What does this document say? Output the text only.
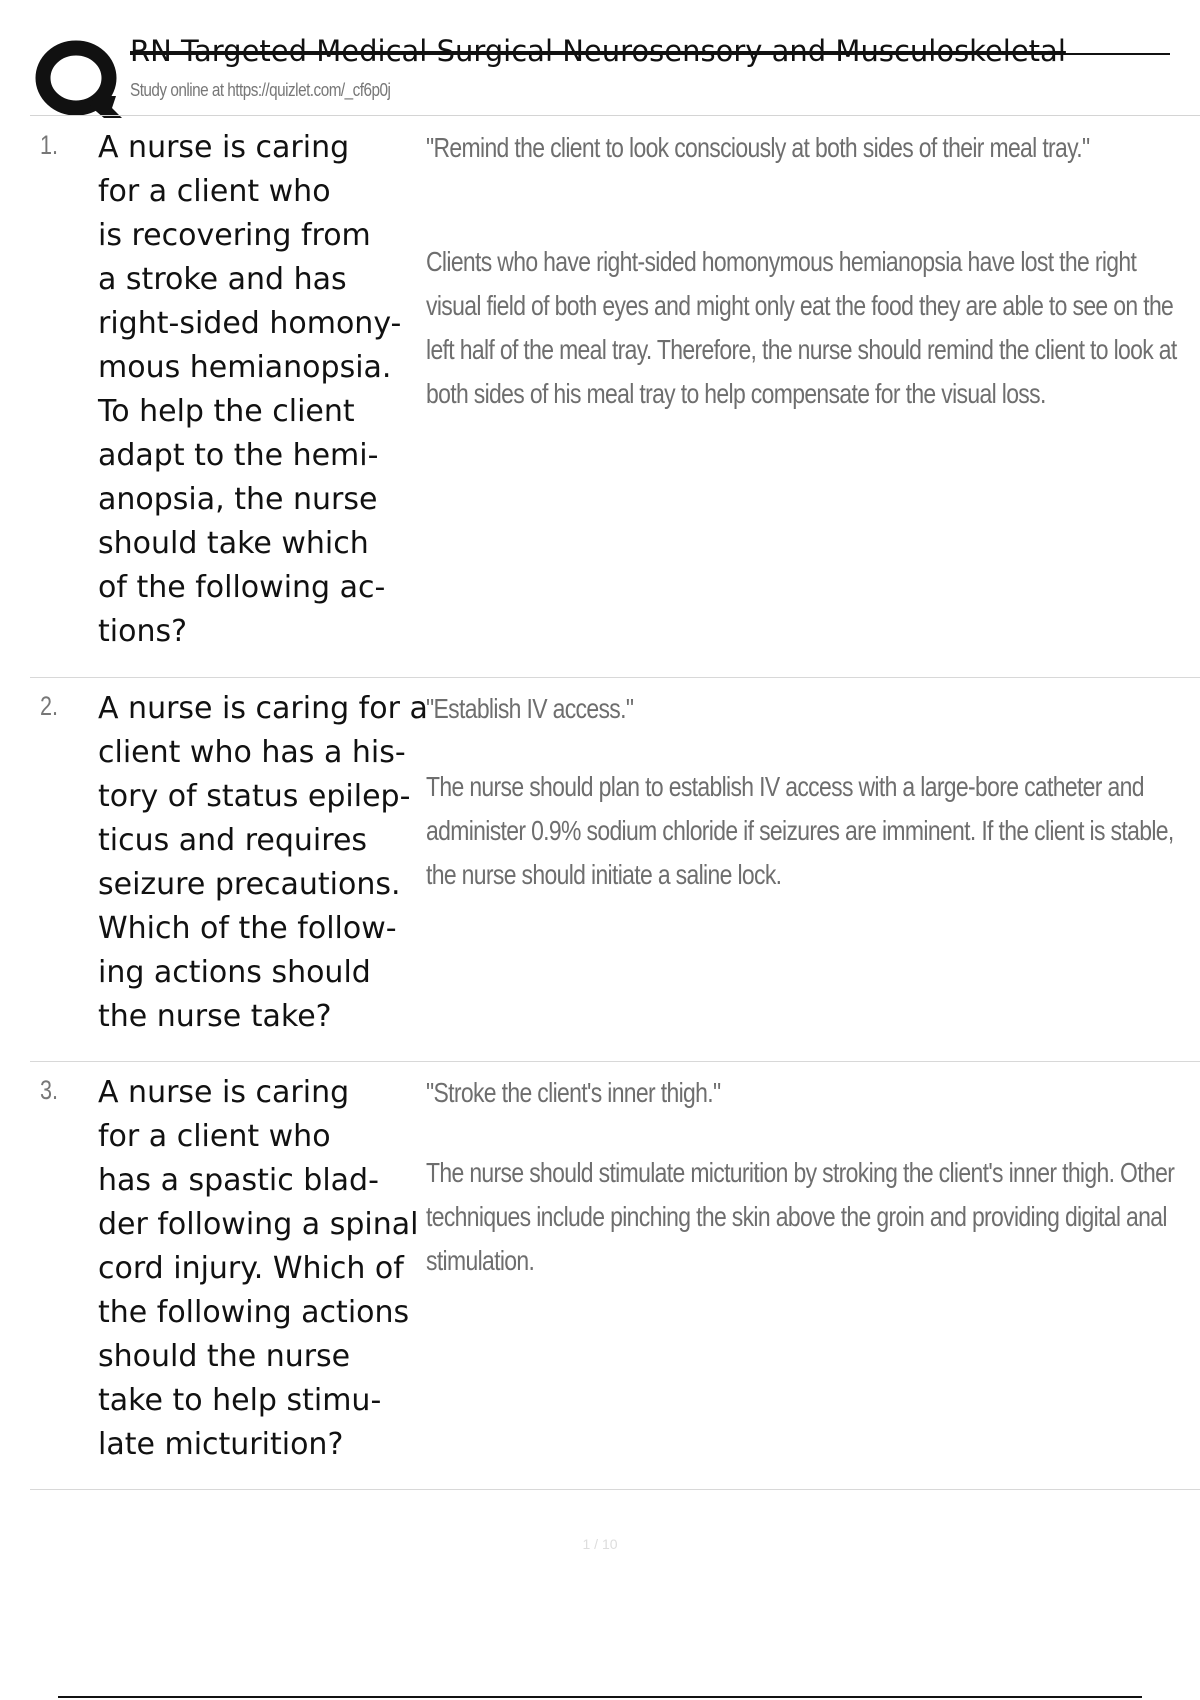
RN Targeted Medical Surgical Neurosensory and Musculoskeletal
Study online at https://quizlet.com/_cf6p0j
1. A nurse is caring
for a client who
is recovering from
a stroke and has
right-sided homony-
mous hemianopsia.
To help the client
adapt to the hemi-
anopsia, the nurse
should take which
of the following ac-
tions?
"Remind the client to look consciously at both sides of their meal tray."
Clients who have right-sided homonymous hemianopsia have lost the right visual field of both eyes and might only eat the food they are able to see on the left half of the meal tray. Therefore, the nurse should remind the client to look at both sides of his meal tray to help compensate for the visual loss.
2. A nurse is caring for a
client who has a his-
tory of status epilep-
ticus and requires
seizure precautions.
Which of the follow-
ing actions should
the nurse take?
"Establish IV access."
The nurse should plan to establish IV access with a large-bore catheter and administer 0.9% sodium chloride if seizures are imminent. If the client is stable, the nurse should initiate a saline lock.
3. A nurse is caring
for a client who
has a spastic blad-
der following a spinal
cord injury. Which of
the following actions
should the nurse
take to help stimu-
late micturition?
"Stroke the client's inner thigh."
The nurse should stimulate micturition by stroking the client's inner thigh. Other techniques include pinching the skin above the groin and providing digital anal stimulation.
1 / 10
